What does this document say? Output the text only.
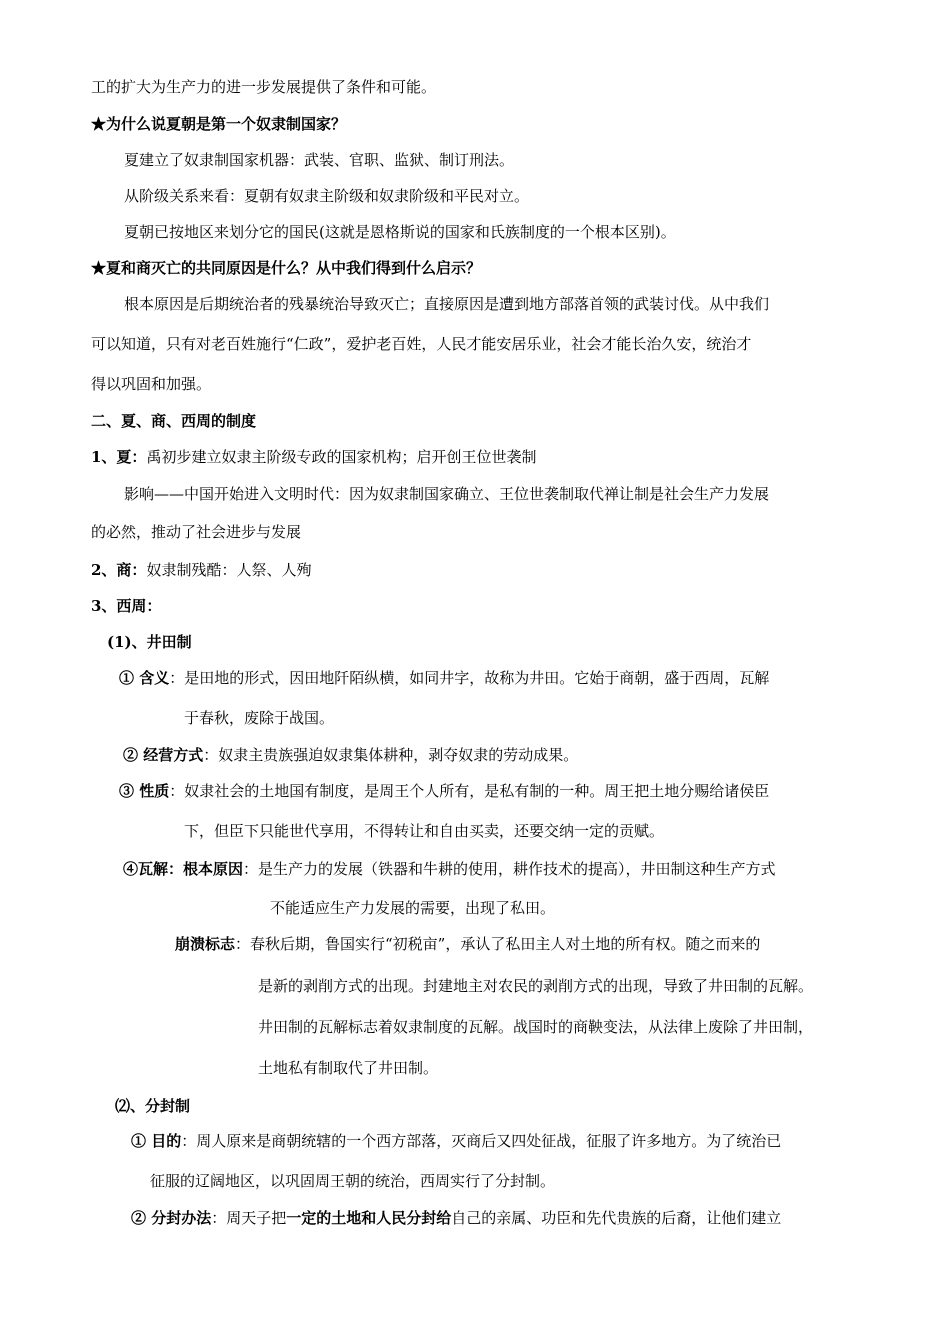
工的扩大为生产力的进一步发展提供了条件和可能。
★为什么说夏朝是第一个奴隶制国家？
夏建立了奴隶制国家机器：武装、官职、监狱、制订刑法。
从阶级关系来看：夏朝有奴隶主阶级和奴隶阶级和平民对立。
夏朝已按地区来划分它的国民(这就是恩格斯说的国家和氏族制度的一个根本区别)。
★夏和商灭亡的共同原因是什么？从中我们得到什么启示？
根本原因是后期统治者的残暴统治导致灭亡；直接原因是遭到地方部落首领的武装讨伐。从中我们
可以知道，只有对老百姓施行“仁政”，爱护老百姓，人民才能安居乐业，社会才能长治久安，统治才
得以巩固和加强。
二、夏、商、西周的制度
1、夏：禹初步建立奴隶主阶级专政的国家机构；启开创王位世袭制
影响——中国开始进入文明时代：因为奴隶制国家确立、王位世袭制取代禅让制是社会生产力发展
的必然，推动了社会进步与发展
2、商：奴隶制残酷：人祭、人殉
3、西周：
(1)、井田制
① 含义：是田地的形式，因田地阡陌纵横，如同井字，故称为井田。它始于商朝，盛于西周，瓦解
于春秋，废除于战国。
② 经营方式：奴隶主贵族强迫奴隶集体耕种，剥夺奴隶的劳动成果。
③ 性质：奴隶社会的土地国有制度，是周王个人所有，是私有制的一种。周王把土地分赐给诸侯臣
下，但臣下只能世代享用，不得转让和自由买卖，还要交纳一定的贡赋。
④瓦解：根本原因：是生产力的发展（铁器和牛耕的使用，耕作技术的提高），井田制这种生产方式
不能适应生产力发展的需要，出现了私田。
崩溃标志：春秋后期，鲁国实行“初税亩”，承认了私田主人对土地的所有权。随之而来的
是新的剥削方式的出现。封建地主对农民的剥削方式的出现，导致了井田制的瓦解。
井田制的瓦解标志着奴隶制度的瓦解。战国时的商鞅变法，从法律上废除了井田制，
土地私有制取代了井田制。
⑵、分封制
① 目的：周人原来是商朝统辖的一个西方部落，灭商后又四处征战，征服了许多地方。为了统治已
征服的辽阔地区，以巩固周王朝的统治，西周实行了分封制。
② 分封办法：周天子把一定的土地和人民分封给自己的亲属、功臣和先代贵族的后裔，让他们建立
